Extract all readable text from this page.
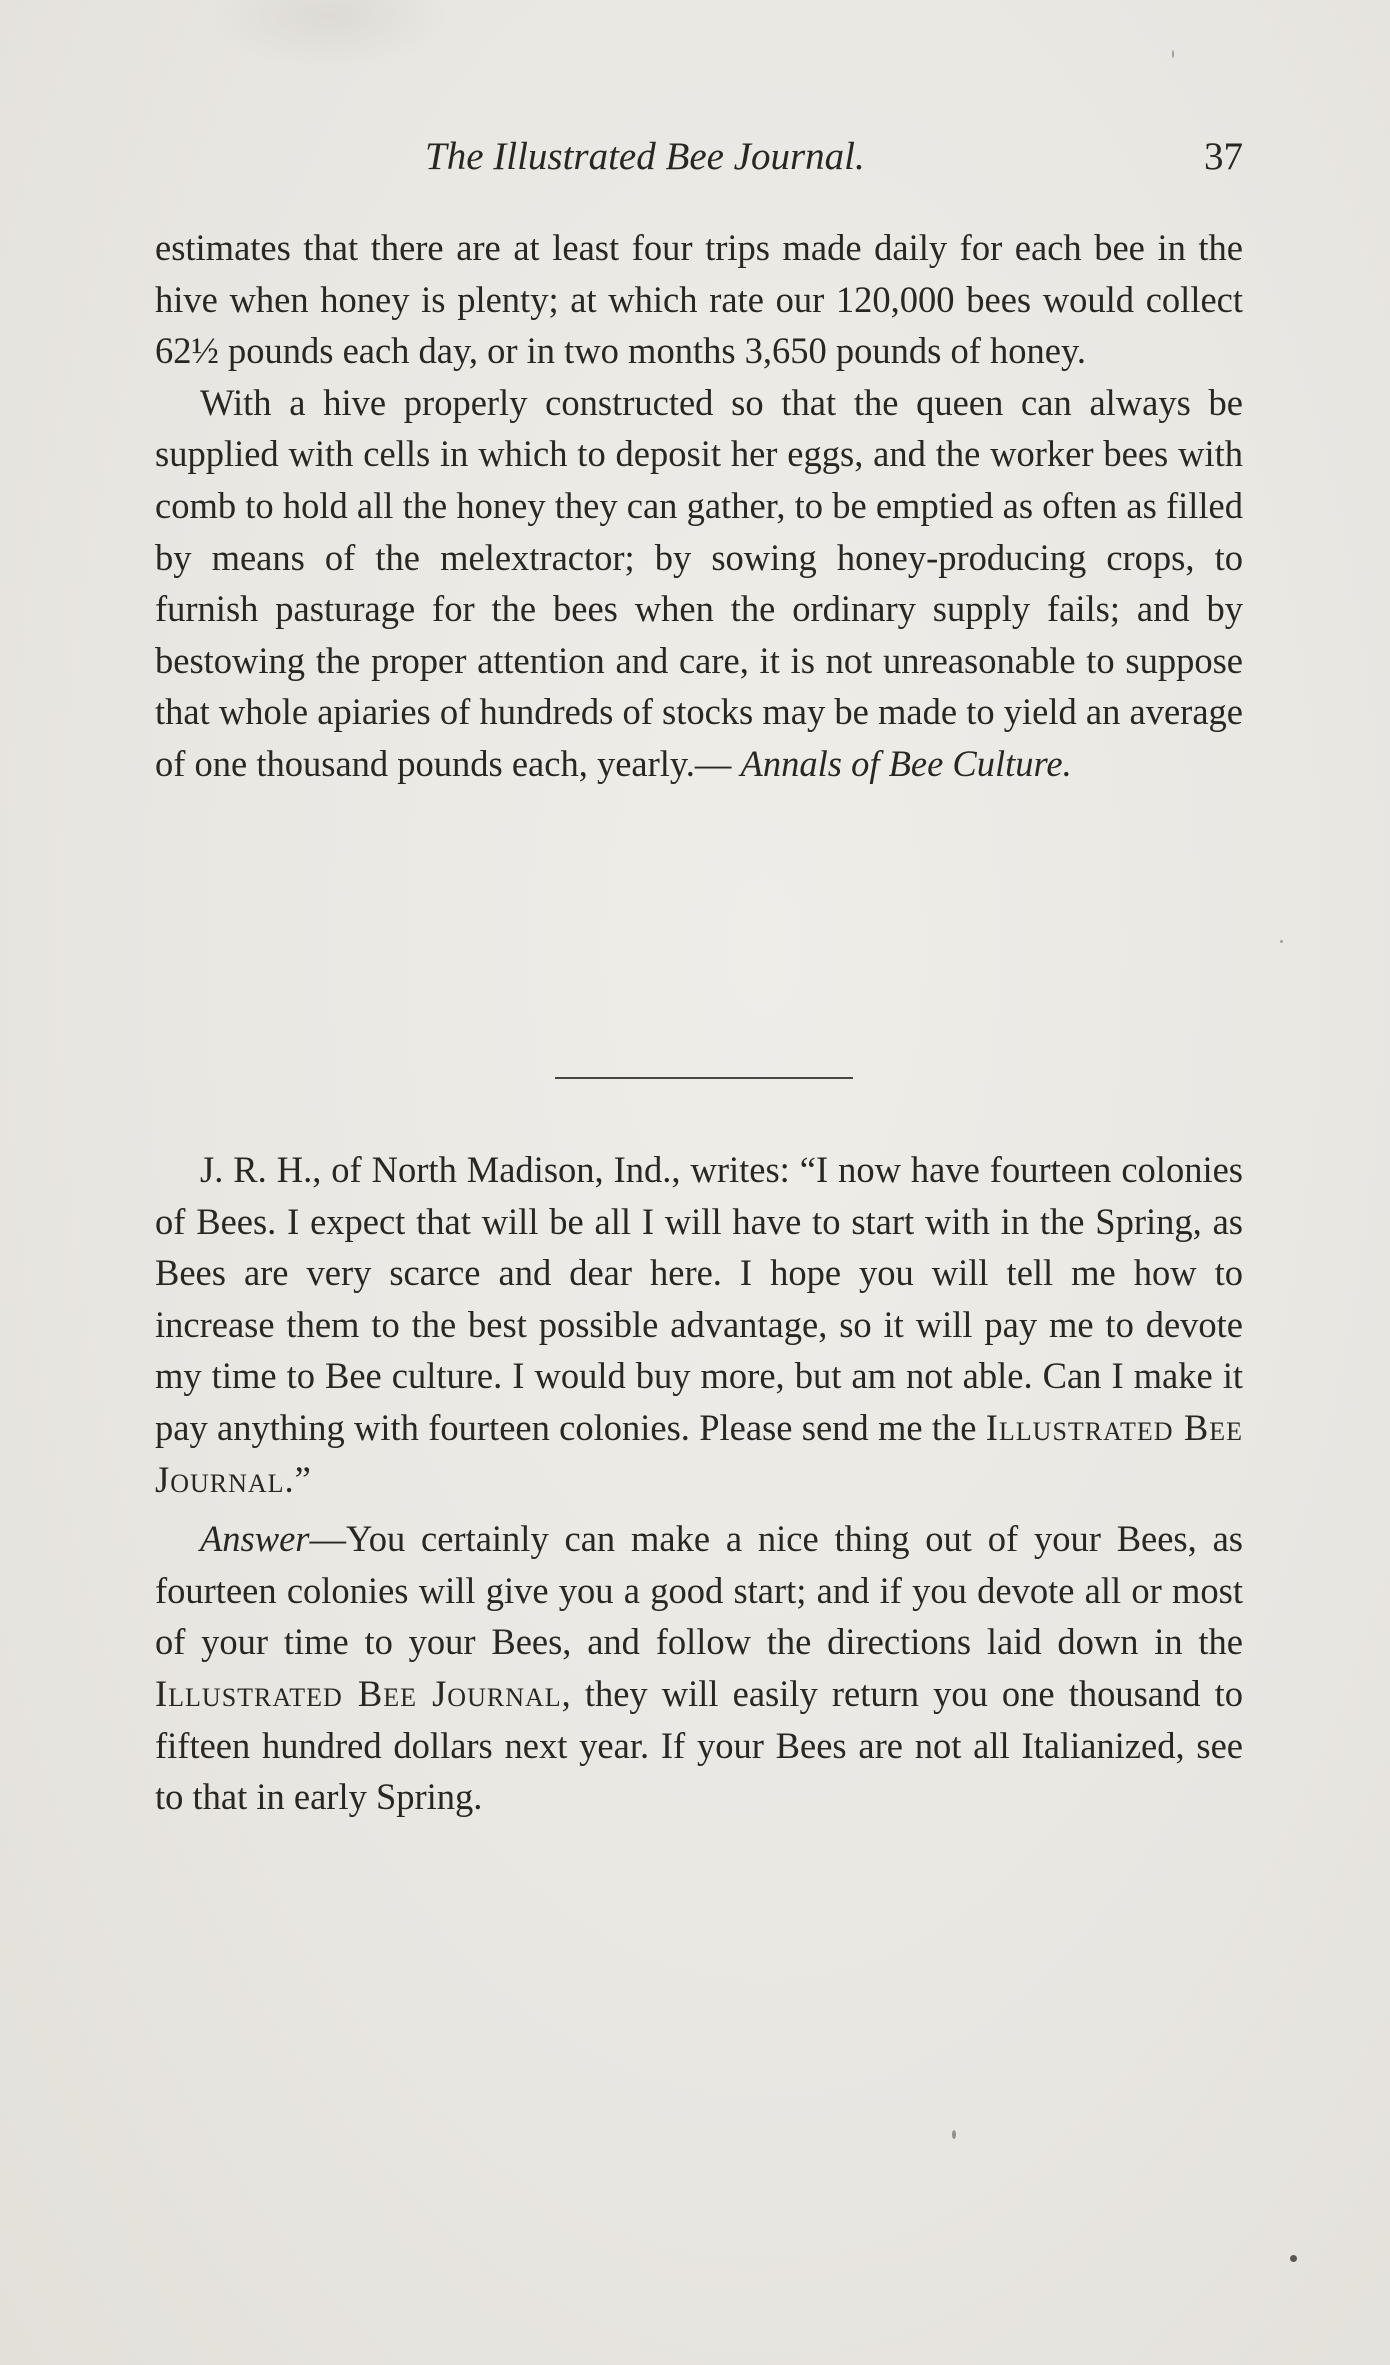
The Illustrated Bee Journal.	37

estimates that there are at least four trips made daily for each bee in the hive when honey is plenty; at which rate our 120,000 bees would collect 62½ pounds each day, or in two months 3,650 pounds of honey.

With a hive properly constructed so that the queen can always be supplied with cells in which to deposit her eggs, and the worker bees with comb to hold all the honey they can gather, to be emptied as often as filled by means of the melextractor; by sowing honey-producing crops, to furnish pasturage for the bees when the ordinary supply fails; and by bestowing the proper attention and care, it is not unreasonable to suppose that whole apiaries of hundreds of stocks may be made to yield an average of one thousand pounds each, yearly.— Annals of Bee Culture.

J. R. H., of North Madison, Ind., writes: “I now have fourteen colonies of Bees. I expect that will be all I will have to start with in the Spring, as Bees are very scarce and dear here. I hope you will tell me how to increase them to the best possible advantage, so it will pay me to devote my time to Bee culture. I would buy more, but am not able. Can I make it pay anything with fourteen colonies. Please send me the Illustrated Bee Journal.”

Answer—You certainly can make a nice thing out of your Bees, as fourteen colonies will give you a good start; and if you devote all or most of your time to your Bees, and follow the directions laid down in the Illustrated Bee Journal, they will easily return you one thousand to fifteen hundred dollars next year. If your Bees are not all Italianized, see to that in early Spring.
